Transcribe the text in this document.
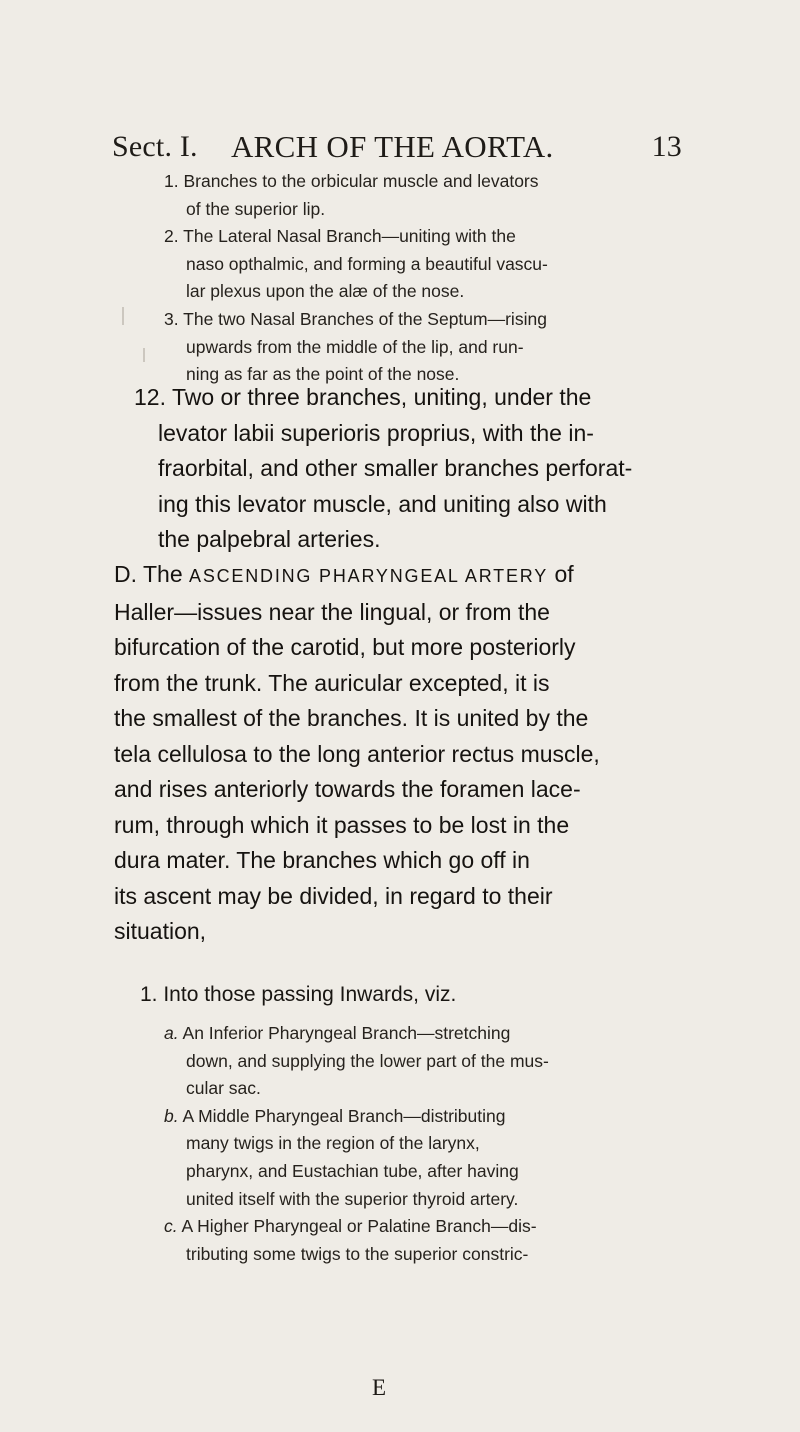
Sect. I. ARCH OF THE AORTA.	13
1. Branches to the orbicular muscle and levators
of the superior lip.
2. The Lateral Nasal Branch—uniting with the
naso opthalmic, and forming a beautiful vascu-
lar plexus upon the alæ of the nose.
3. The two Nasal Branches of the Septum—rising
upwards from the middle of the lip, and run-
ning as far as the point of the nose.
12. Two or three branches, uniting, under the
levator labii superioris proprius, with the in-
fraorbital, and other smaller branches perforat-
ing this levator muscle, and uniting also with
the palpebral arteries.
D. The ASCENDING PHARYNGEAL ARTERY of
Haller—issues near the lingual, or from the
bifurcation of the carotid, but more posteriorly
from the trunk. The auricular excepted, it is
the smallest of the branches. It is united by the
tela cellulosa to the long anterior rectus muscle,
and rises anteriorly towards the foramen lace-
rum, through which it passes to be lost in the
dura mater. The branches which go off in
its ascent may be divided, in regard to their
situation,

1. Into those passing Inwards, viz.

a. An Inferior Pharyngeal Branch—stretching
down, and supplying the lower part of the mus-
cular sac.
b. A Middle Pharyngeal Branch—distributing
many twigs in the region of the larynx,
pharynx, and Eustachian tube, after having
united itself with the superior thyroid artery.
c. A Higher Pharyngeal or Palatine Branch—dis-
tributing some twigs to the superior constric-
E
